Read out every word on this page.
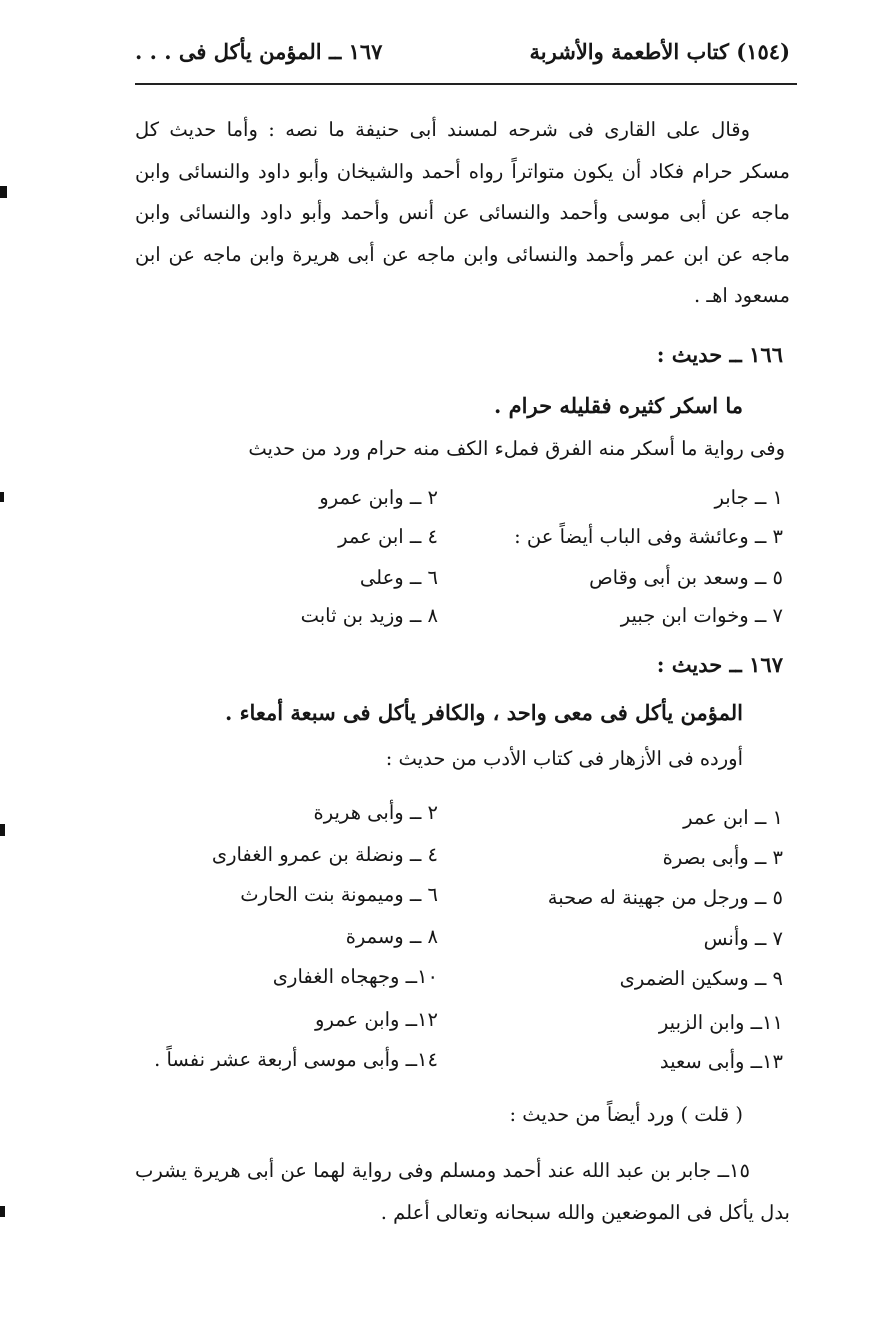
(١٥٤) كتاب الأطعمة والأشربة
١٦٧ ــ المؤمن يأكل فى . . .
وقال على القارى فى شرحه لمسند أبى حنيفة ما نصه : وأما حديث كل مسكر حرام فكاد أن يكون متواتراً رواه أحمد والشيخان وأبو داود والنسائى وابن ماجه عن أبى موسى وأحمد والنسائى عن أنس وأحمد وأبو داود والنسائى وابن ماجه عن ابن عمر وأحمد والنسائى وابن ماجه عن أبى هريرة وابن ماجه عن ابن مسعود اهـ .
١٦٦ ــ حديث :
ما اسكر كثيره فقليله حرام .
وفى رواية ما أسكر منه الفرق فملء الكف منه حرام ورد من حديث
١ ــ جابر
٢ ــ وابن عمرو
٣ ــ وعائشة وفى الباب أيضاً عن :
٤ ــ ابن عمر
٥ ــ وسعد بن أبى وقاص
٦ ــ وعلى
٧ ــ وخوات ابن جبير
٨ ــ وزيد بن ثابت
١٦٧ ــ حديث :
المؤمن يأكل فى معى واحد ، والكافر يأكل فى سبعة أمعاء .
أورده فى الأزهار فى كتاب الأدب من حديث :
١ ــ ابن عمر
٢ ــ وأبى هريرة
٣ ــ وأبى بصرة
٤ ــ ونضلة بن عمرو الغفارى
٥ ــ ورجل من جهينة له صحبة
٦ ــ وميمونة بنت الحارث
٧ ــ وأنس
٨ ــ وسمرة
٩ ــ وسكين الضمرى
١٠ــ وجهجاه الغفارى
١١ــ وابن الزبير
١٢ــ وابن عمرو
١٣ــ وأبى سعيد
١٤ــ وأبى موسى أربعة عشر نفساً .
( قلت ) ورد أيضاً من حديث :
١٥ــ جابر بن عبد الله عند أحمد ومسلم وفى رواية لهما عن أبى هريرة يشرب بدل يأكل فى الموضعين والله سبحانه وتعالى أعلم .
